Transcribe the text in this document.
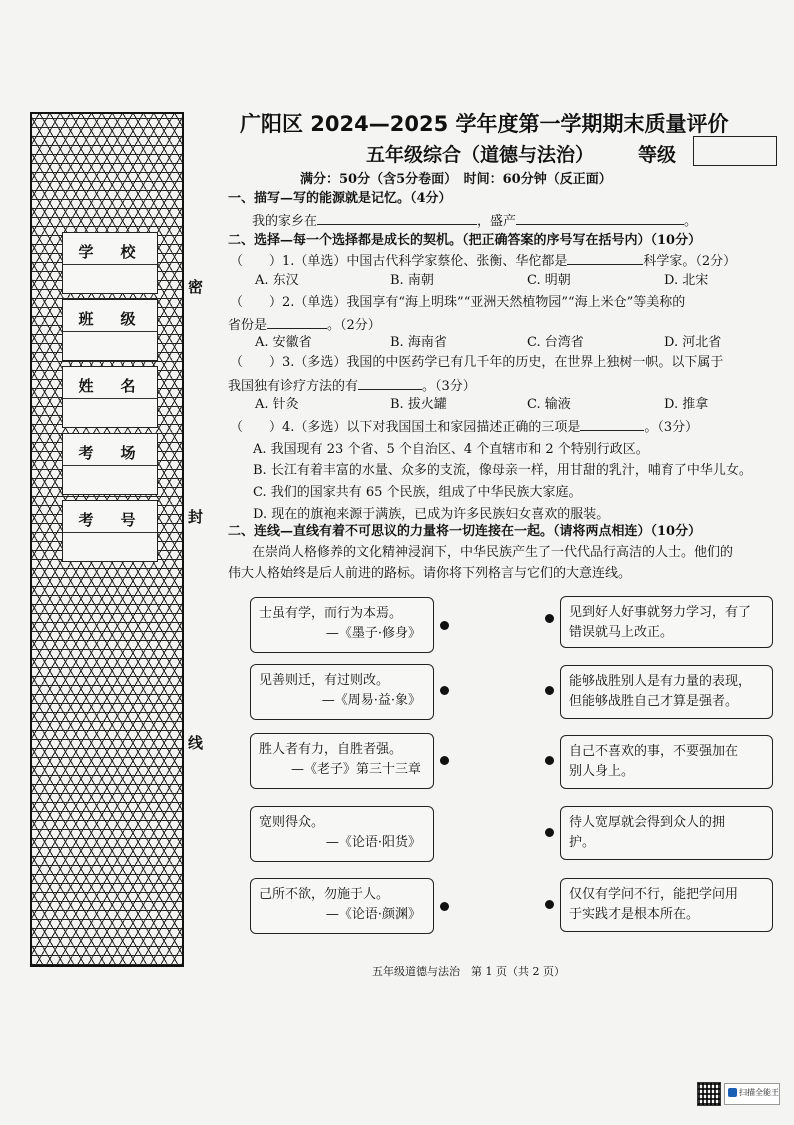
学　校
班　级
姓　名
考　场
考　号
密
封
线
广阳区 2024—2025 学年度第一学期期末质量评价
五年级综合（道德与法治） 等级
满分：50分（含5分卷面）　时间：60分钟（反正面）
一、描写—写的能源就是记忆。（4分）
我的家乡在	，盛产	。
二、选择—每一个选择都是成长的契机。（把正确答案的序号写在括号内）（10分）
（　　）1.（单选）中国古代科学家蔡伦、张衡、华佗都是	科学家。（2分）
A. 东汉	B. 南朝	C. 明朝	D. 北宋
（　　）2.（单选）我国享有“海上明珠”“亚洲天然植物园”“海上米仓”等美称的
省份是	。（2分）
A. 安徽省	B. 海南省	C. 台湾省	D. 河北省
（　　）3.（多选）我国的中医药学已有几千年的历史，在世界上独树一帜。以下属于
我国独有诊疗方法的有	。（3分）
A. 针灸	B. 拔火罐	C. 输液	D. 推拿
（　　）4.（多选）以下对我国国土和家园描述正确的三项是	。（3分）
A. 我国现有 23 个省、5 个自治区、4 个直辖市和 2 个特别行政区。
B. 长江有着丰富的水量、众多的支流，像母亲一样，用甘甜的乳汁，哺育了中华儿女。
C. 我们的国家共有 65 个民族，组成了中华民族大家庭。
D. 现在的旗袍来源于满族，已成为许多民族妇女喜欢的服装。
二、连线—直线有着不可思议的力量将一切连接在一起。（请将两点相连）（10分）
在崇尚人格修养的文化精神浸润下，中华民族产生了一代代品行高洁的人士。他们的
伟大人格始终是后人前进的路标。请你将下列格言与它们的大意连线。
士虽有学，而行为本焉。
—《墨子·修身》
见善则迁，有过则改。
—《周易·益·象》
胜人者有力，自胜者强。
—《老子》第三十三章
宽则得众。
—《论语·阳货》
己所不欲，勿施于人。
—《论语·颜渊》
见到好人好事就努力学习，有了
错误就马上改正。
能够战胜别人是有力量的表现，
但能够战胜自己才算是强者。
自己不喜欢的事，不要强加在
别人身上。
待人宽厚就会得到众人的拥
护。
仅仅有学问不行，能把学问用
于实践才是根本所在。
五年级道德与法治　第 1 页（共 2 页）
扫描全能王
